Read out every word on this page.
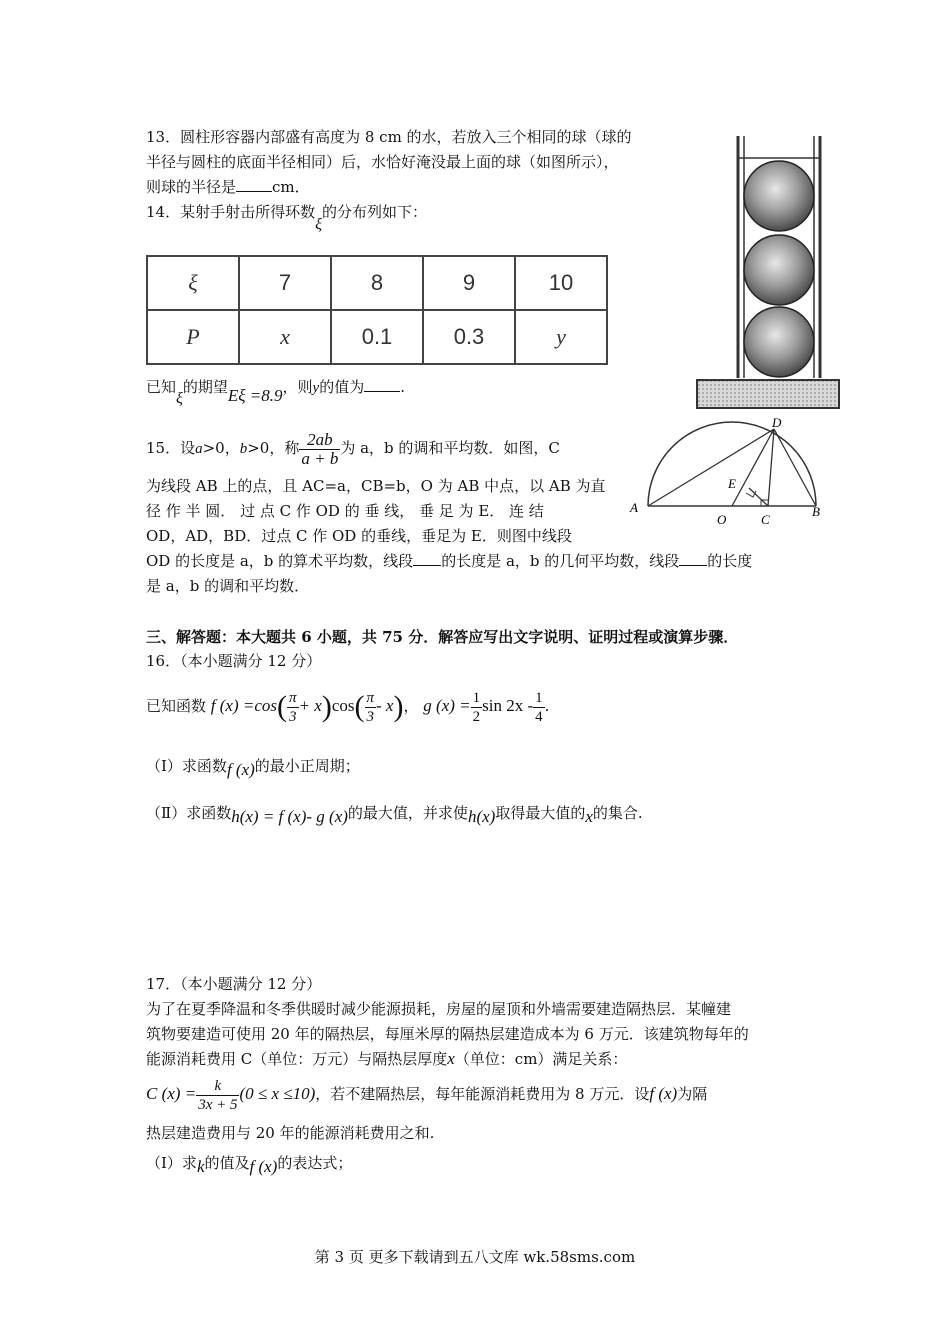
13．圆柱形容器内部盛有高度为 8 cm 的水，若放入三个相同的球（球的
半径与圆柱的底面半径相同）后，水恰好淹没最上面的球（如图所示），
则球的半径是 cm．
14．某射手射击所得环数ξ的分布列如下：
ξ	7	8	9	10
P	x	0.1	0.3	y
已知ξ的期望Eξ =8.9，则y的值为 .
15．设a>0，b>0，称 $\frac{2ab}{a + b}$ 为 a，b 的调和平均数．如图，C
为线段 AB 上的点，且 AC=a，CB=b，O 为 AB 中点，以 AB 为直
径 作 半 圆． 过 点 C 作 OD 的 垂 线， 垂 足 为 E． 连 结
OD，AD，BD．过点 C 作 OD 的垂线，垂足为 E．则图中线段
OD 的长度是 a，b 的算术平均数，线段 的长度是 a，b 的几何平均数，线段 的长度
是 a，b 的调和平均数．
三、解答题：本大题共 6 小题，共 75 分．解答应写出文字说明、证明过程或演算步骤．
16．（本小题满分 12 分）
已知函数 f $(x) =\cos( \frac{\pi}{3} + x)\cos( \frac{\pi}{3} - x)$， g $(x) = \frac{1}{2}$ $\sin 2x - \frac{1}{4}$ .
（Ⅰ）求函数f (x)的最小正周期；
（Ⅱ）求函数h(x) = f (x)- g (x)的最大值，并求使h(x)取得最大值的x的集合.
17．（本小题满分 12 分）
为了在夏季降温和冬季供暖时减少能源损耗，房屋的屋顶和外墙需要建造隔热层．某幢建
筑物要建造可使用 20 年的隔热层，每厘米厚的隔热层建造成本为 6 万元．该建筑物每年的
能源消耗费用 C（单位：万元）与隔热层厚度x（单位：cm）满足关系：
C $(x) = \frac{k}{3x + 5} (0 \le x \le 10)$，若不建隔热层，每年能源消耗费用为 8 万元．设f (x)为隔
热层建造费用与 20 年的能源消耗费用之和.
（Ⅰ）求k的值及f (x)的表达式；
第 3 页 更多下载请到五八文库 wk.58sms.com
D
E
A
O	C
B
